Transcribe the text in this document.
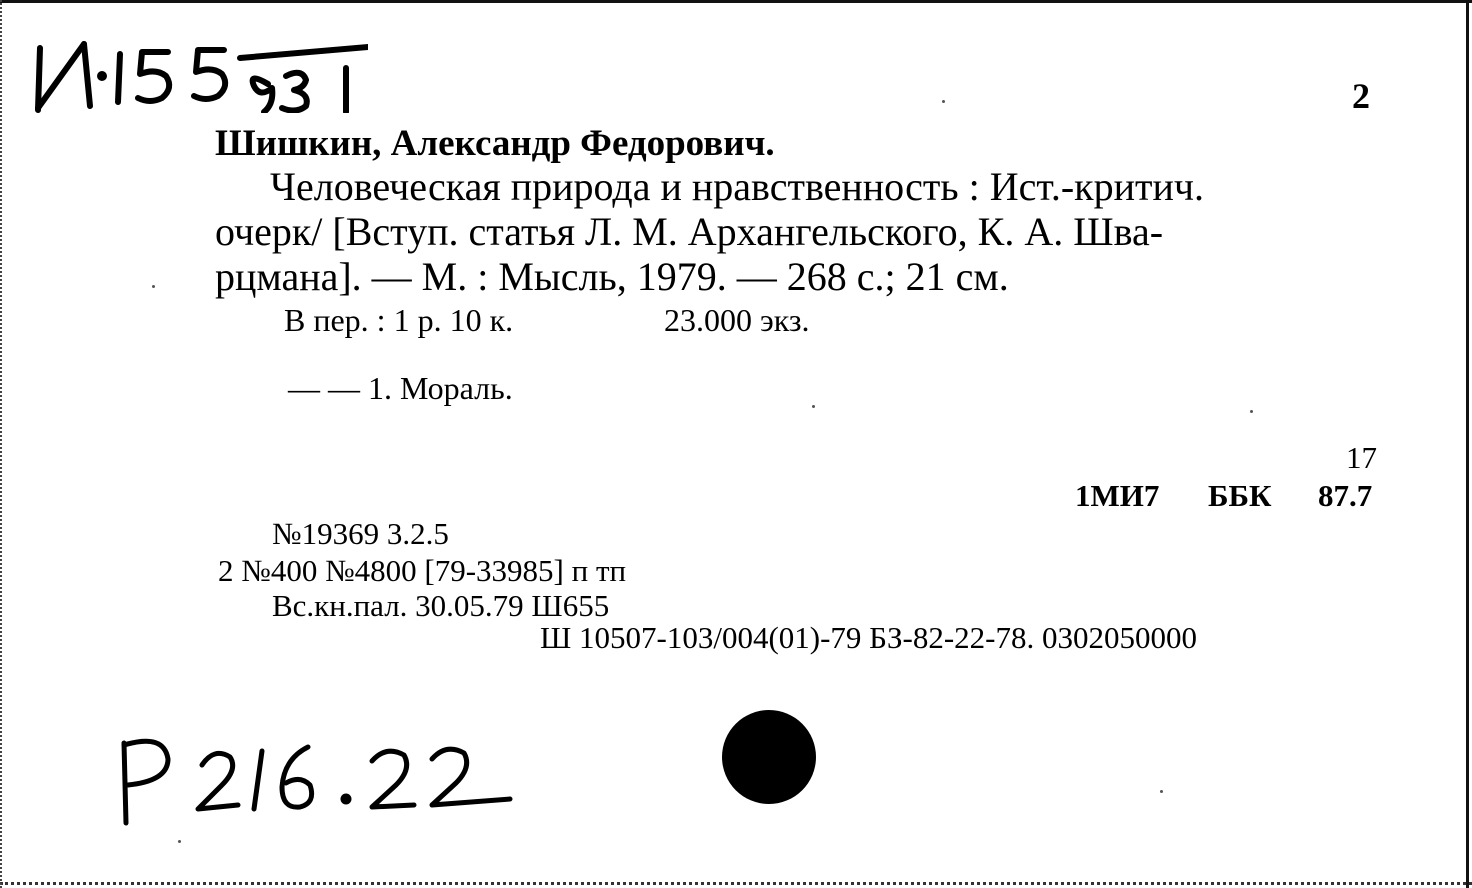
2
Шишкин, Александр Федорович.
Человеческая природа и нравственность : Ист.-критич.
очерк/ [Вступ. статья Л. М. Архангельского, К. А. Шва-
рцмана]. — М. : Мысль, 1979. — 268 с.; 21 см.
В пер. : 1 р. 10 к.	23.000 экз.
— — 1. Мораль.
17
1МИ7 ББК 87.7
№19369 3.2.5
2 №400 №4800 [79-33985] п тп
Вс.кн.пал. 30.05.79 Ш655
Ш 10507-103/004(01)-79 БЗ-82-22-78. 0302050000
